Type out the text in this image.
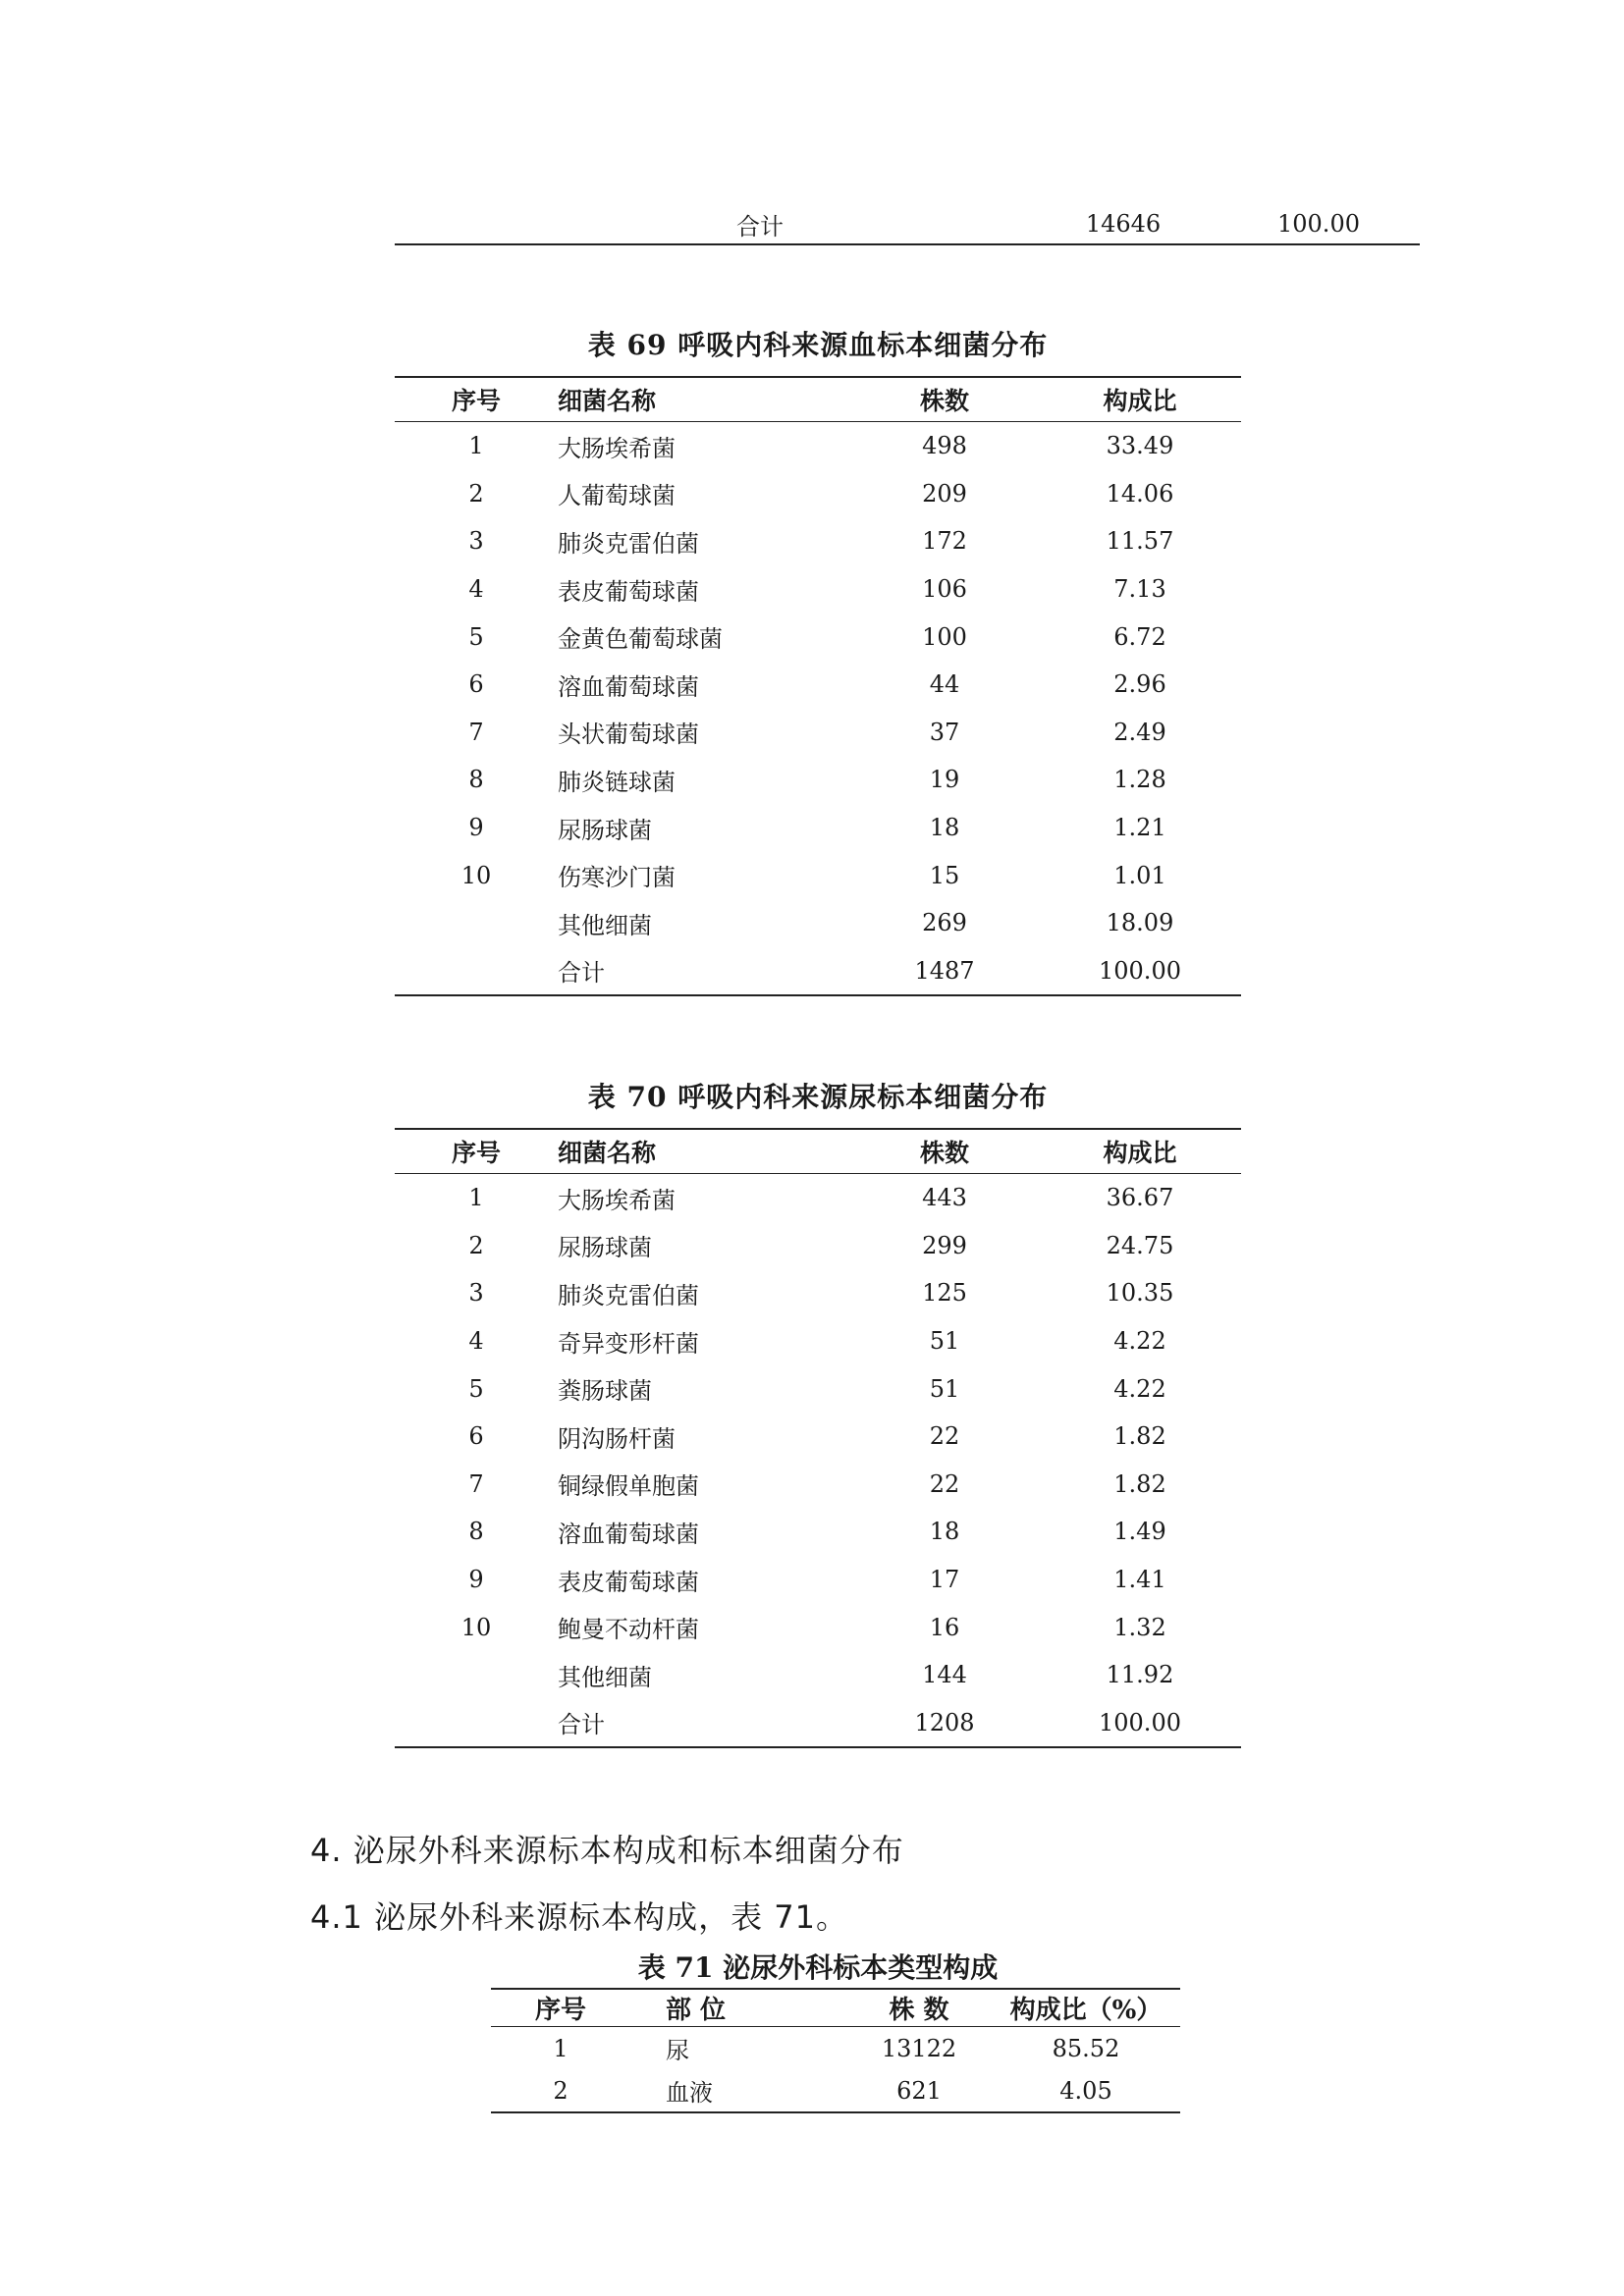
	合计	14646	100.00
表 69 呼吸内科来源血标本细菌分布
序号	细菌名称	株数	构成比
1	大肠埃希菌	498	33.49
2	人葡萄球菌	209	14.06
3	肺炎克雷伯菌	172	11.57
4	表皮葡萄球菌	106	7.13
5	金黄色葡萄球菌	100	6.72
6	溶血葡萄球菌	44	2.96
7	头状葡萄球菌	37	2.49
8	肺炎链球菌	19	1.28
9	尿肠球菌	18	1.21
10	伤寒沙门菌	15	1.01
	其他细菌	269	18.09
	合计	1487	100.00
表 70 呼吸内科来源尿标本细菌分布
序号	细菌名称	株数	构成比
1	大肠埃希菌	443	36.67
2	尿肠球菌	299	24.75
3	肺炎克雷伯菌	125	10.35
4	奇异变形杆菌	51	4.22
5	粪肠球菌	51	4.22
6	阴沟肠杆菌	22	1.82
7	铜绿假单胞菌	22	1.82
8	溶血葡萄球菌	18	1.49
9	表皮葡萄球菌	17	1.41
10	鲍曼不动杆菌	16	1.32
	其他细菌	144	11.92
	合计	1208	100.00
4. 泌尿外科来源标本构成和标本细菌分布
4.1 泌尿外科来源标本构成，表 71。
表 71 泌尿外科标本类型构成
序号	部 位	株 数	构成比（%）
1	尿	13122	85.52
2	血液	621	4.05
